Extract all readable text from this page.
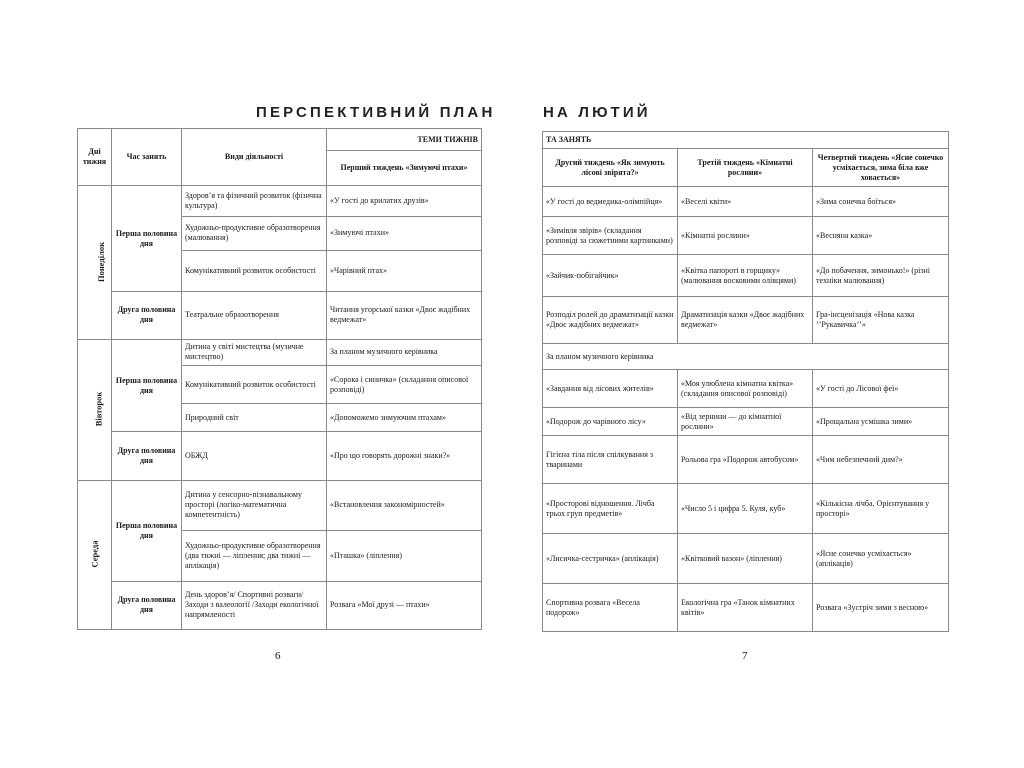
ПЕРСПЕКТИВНИЙ ПЛАН	НА ЛЮТИЙ
Дні тижня	Час занять	Види діяльності	ТЕМИ ТИЖНІВ
			Перший тиждень «Зимуючі птахи»
Понеділок	Перша половина дня	Здоров’я та фізичний розвиток (фізична культура)	«У гості до крилатих друзів»
		Художньо-продуктивне образотворення (малювання)	«Зимуючі птахи»
		Комунікативний розвиток особистості	«Чарівний птах»
	Друга половина дня	Театральне образотворення	Читання угорської казки «Двоє жадібних ведмежат»
Вівторок	Перша половина дня	Дитина у світі мистецтва (музичне мистецтво)	За планом музичного керівника
		Комунікативний розвиток особистості	«Сорока і синичка» (складання описової розповіді)
		Природний світ	«Допоможемо зимуючим птахам»
	Друга половина дня	ОБЖД	«Про що говорять дорожні знаки?»
Середа	Перша половина дня	Дитина у сенсорно-пізнавальному просторі (логіко-математична компетентність)	«Встановлення закономірностей»
		Художньо-продуктивне образотворення (два тижні — ліплення; два тижні — аплікація)	«Пташка» (ліплення)
	Друга половина дня	День здоров’я/ Спортивні розваги/ Заходи з валеології /Заходи екологічної напрямленості	Розвага «Мої друзі — птахи»
ТА ЗАНЯТЬ		
Другий тиждень «Як зимують лісові звірята?»	Третій тиждень «Кімнатні рослини»	Четвертий тиждень «Ясне сонечко усміхається, зима біла вже ховається»
«У гості до ведмедика-олімпійця»	«Веселі квіти»	«Зима сонечка боїться»
«Зимівля звірів» (складання розповіді за сюжетними картинками)	«Кімнатні рослини»	«Весняна казка»
«Зайчик-побігайчик»	«Квітка папороті в горщику» (малювання восковими олівцями)	«До побачення, зимонько!» (різні техніки малювання)
Розподіл ролей до драматизації казки «Двоє жадібних ведмежат»	Драматизація казки «Двоє жадібних ведмежат»	Гра-інсценізація «Нова казка ʼʼРукавичкаʼʼ»
За планом музичного керівника		
«Завдання від лісових жителів»	«Моя улюблена кімнатна квітка» (складання описової розповіді)	«У гості до Лісової феї»
«Подорож до чарівного лісу»	«Від зернини — до кімнатної рослини»	«Прощальна усмішка зими»
Гігієна тіла після спілкування з тваринами	Рольова гра «Подорож автобусом»	«Чим небезпечний дим?»
«Просторові відношення. Лічба трьох груп предметів»	«Число 5 і цифра 5. Куля, куб»	«Кількісна лічба. Орієнтування у просторі»
«Лисичка-сестричка» (аплікація)	«Квітковий вазон» (ліплення)	«Ясне сонечко усміхається» (аплікація)
Спортивна розвага «Весела подорож»	Екологічна гра «Танок кімнатних квітів»	Розвага «Зустріч зими з весною»
6	7
